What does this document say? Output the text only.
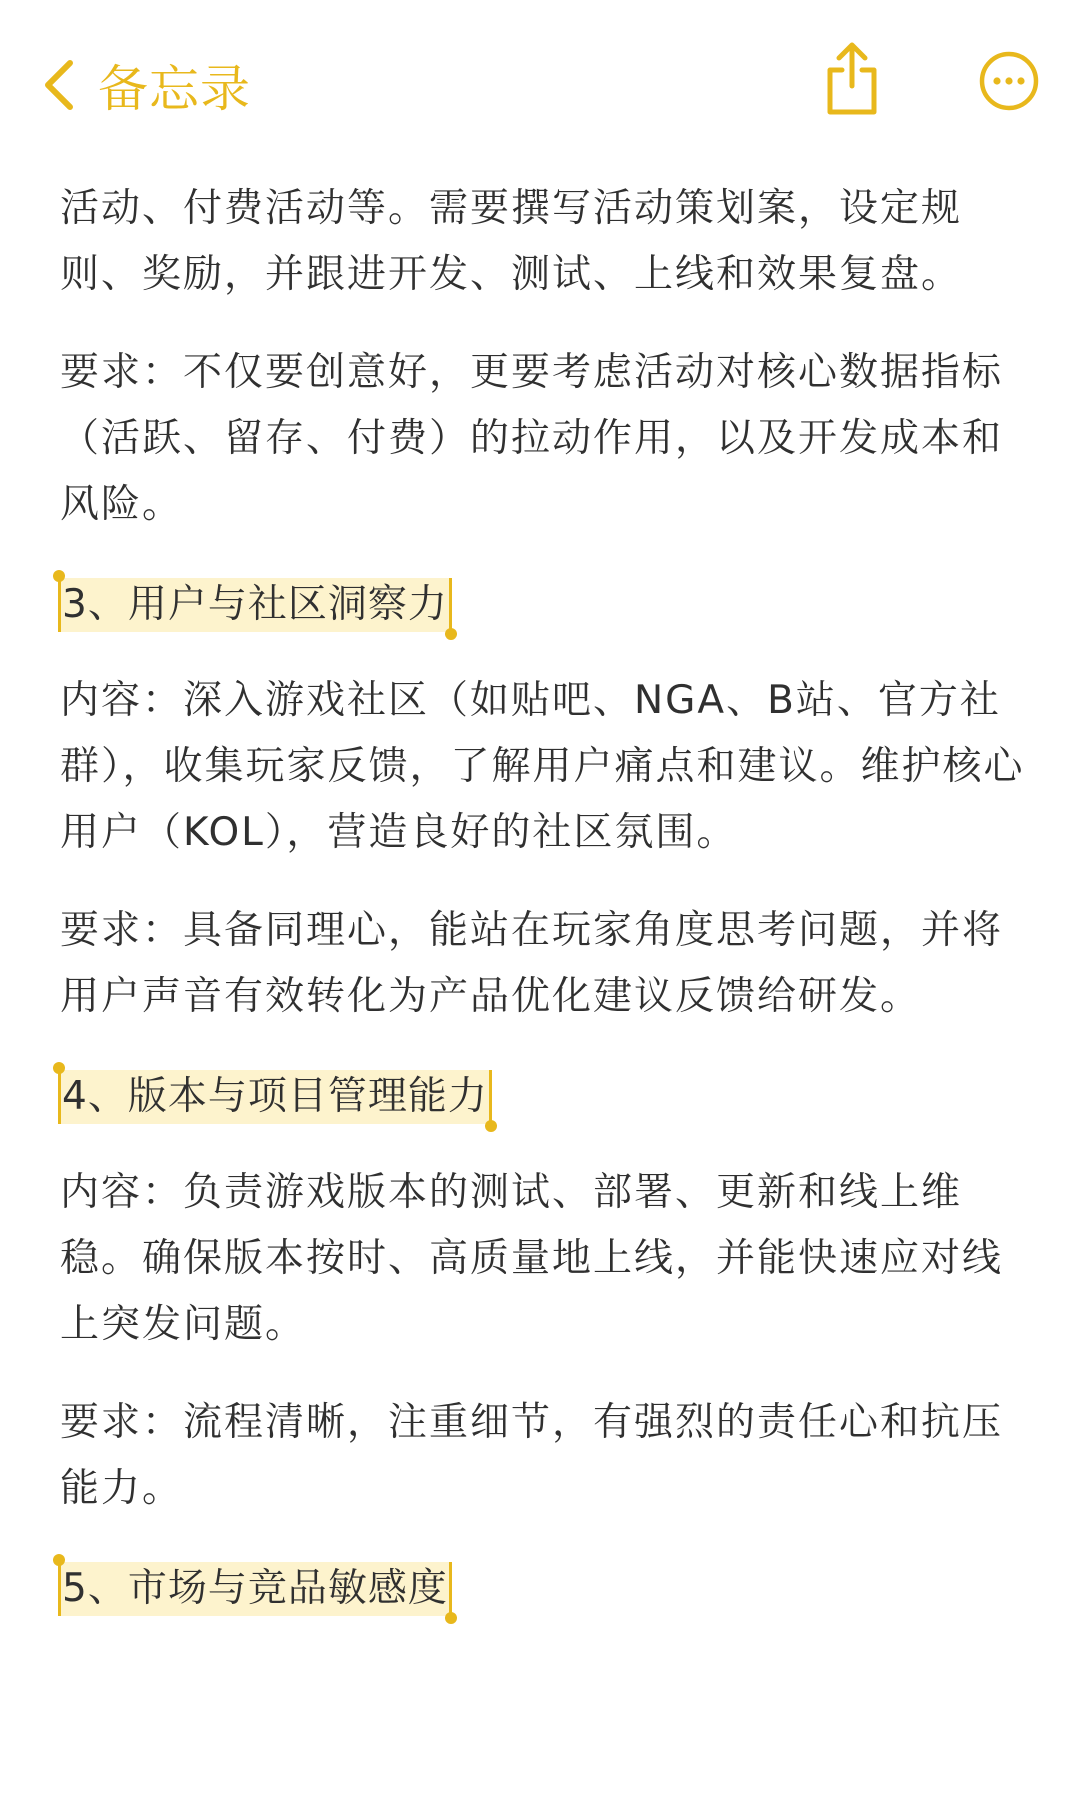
备忘录

活动、付费活动等。需要撰写活动策划案，设定规则、奖励，并跟进开发、测试、上线和效果复盘。

要求：不仅要创意好，更要考虑活动对核心数据指标（活跃、留存、付费）的拉动作用，以及开发成本和风险。

3、用户与社区洞察力

内容：深入游戏社区（如贴吧、NGA、B站、官方社群），收集玩家反馈，了解用户痛点和建议。维护核心用户（KOL），营造良好的社区氛围。

要求：具备同理心，能站在玩家角度思考问题，并将用户声音有效转化为产品优化建议反馈给研发。

4、版本与项目管理能力

内容：负责游戏版本的测试、部署、更新和线上维稳。确保版本按时、高质量地上线，并能快速应对线上突发问题。

要求：流程清晰，注重细节，有强烈的责任心和抗压能力。

5、市场与竞品敏感度
